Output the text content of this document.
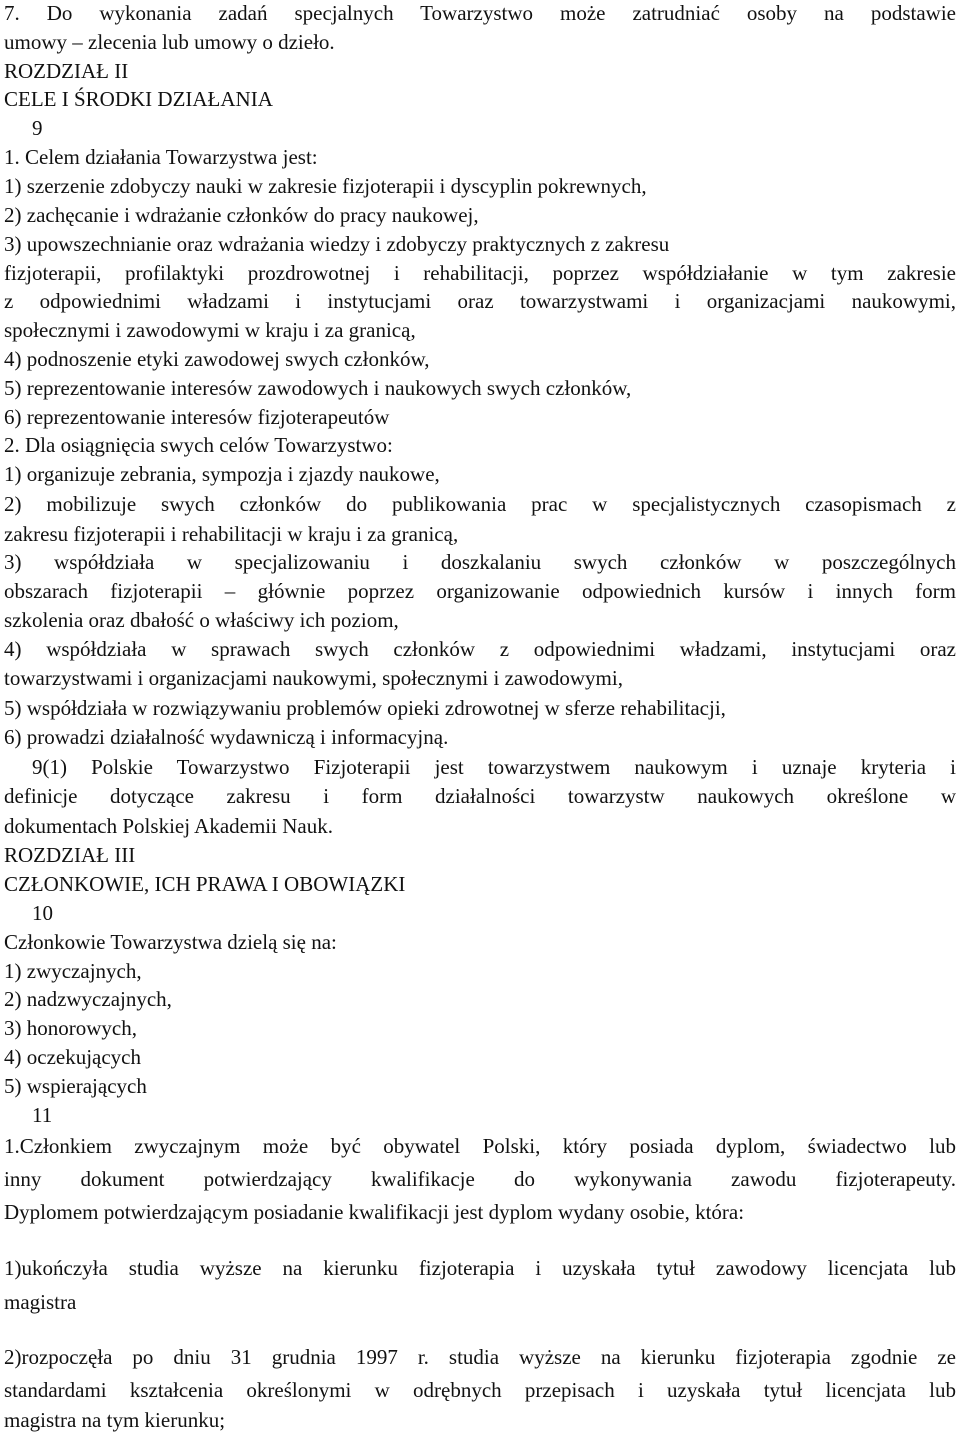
7. Do wykonania zadań specjalnych Towarzystwo może zatrudniać osoby na podstawie
umowy – zlecenia lub umowy o dzieło.
ROZDZIAŁ II
CELE I ŚRODKI DZIAŁANIA
9
1. Celem działania Towarzystwa jest:
1) szerzenie zdobyczy nauki w zakresie fizjoterapii i dyscyplin pokrewnych,
2) zachęcanie i wdrażanie członków do pracy naukowej,
3) upowszechnianie oraz wdrażania wiedzy i zdobyczy praktycznych z zakresu
fizjoterapii, profilaktyki prozdrowotnej i rehabilitacji, poprzez współdziałanie w tym zakresie
z odpowiednimi władzami i instytucjami oraz towarzystwami i organizacjami naukowymi,
społecznymi i zawodowymi w kraju i za granicą,
4) podnoszenie etyki zawodowej swych członków,
5) reprezentowanie interesów zawodowych i naukowych swych członków,
6) reprezentowanie interesów fizjoterapeutów
2. Dla osiągnięcia swych celów Towarzystwo:
1) organizuje zebrania, sympozja i zjazdy naukowe,
2) mobilizuje swych członków do publikowania prac w specjalistycznych czasopismach z
zakresu fizjoterapii i rehabilitacji w kraju i za granicą,
3) współdziała w specjalizowaniu i doszkalaniu swych członków w poszczególnych
obszarach fizjoterapii – głównie poprzez organizowanie odpowiednich kursów i innych form
szkolenia oraz dbałość o właściwy ich poziom,
4) współdziała w sprawach swych członków z odpowiednimi władzami, instytucjami oraz
towarzystwami i organizacjami naukowymi, społecznymi i zawodowymi,
5) współdziała w rozwiązywaniu problemów opieki zdrowotnej w sferze rehabilitacji,
6) prowadzi działalność wydawniczą i informacyjną.
9(1) Polskie Towarzystwo Fizjoterapii jest towarzystwem naukowym i uznaje kryteria i
definicje dotyczące zakresu i form działalności towarzystw naukowych określone w
dokumentach Polskiej Akademii Nauk.
ROZDZIAŁ III
CZŁONKOWIE, ICH PRAWA I OBOWIĄZKI
10
Członkowie Towarzystwa dzielą się na:
1) zwyczajnych,
2) nadzwyczajnych,
3) honorowych,
4) oczekujących
5) wspierających
11
1.Członkiem zwyczajnym może być obywatel Polski, który posiada dyplom, świadectwo lub
inny dokument potwierdzający kwalifikacje do wykonywania zawodu fizjoterapeuty.
Dyplomem potwierdzającym posiadanie kwalifikacji jest dyplom wydany osobie, która:
1)ukończyła studia wyższe na kierunku fizjoterapia i uzyskała tytuł zawodowy licencjata lub
magistra
2)rozpoczęła po dniu 31 grudnia 1997 r. studia wyższe na kierunku fizjoterapia zgodnie ze
standardami kształcenia określonymi w odrębnych przepisach i uzyskała tytuł licencjata lub
magistra na tym kierunku;
